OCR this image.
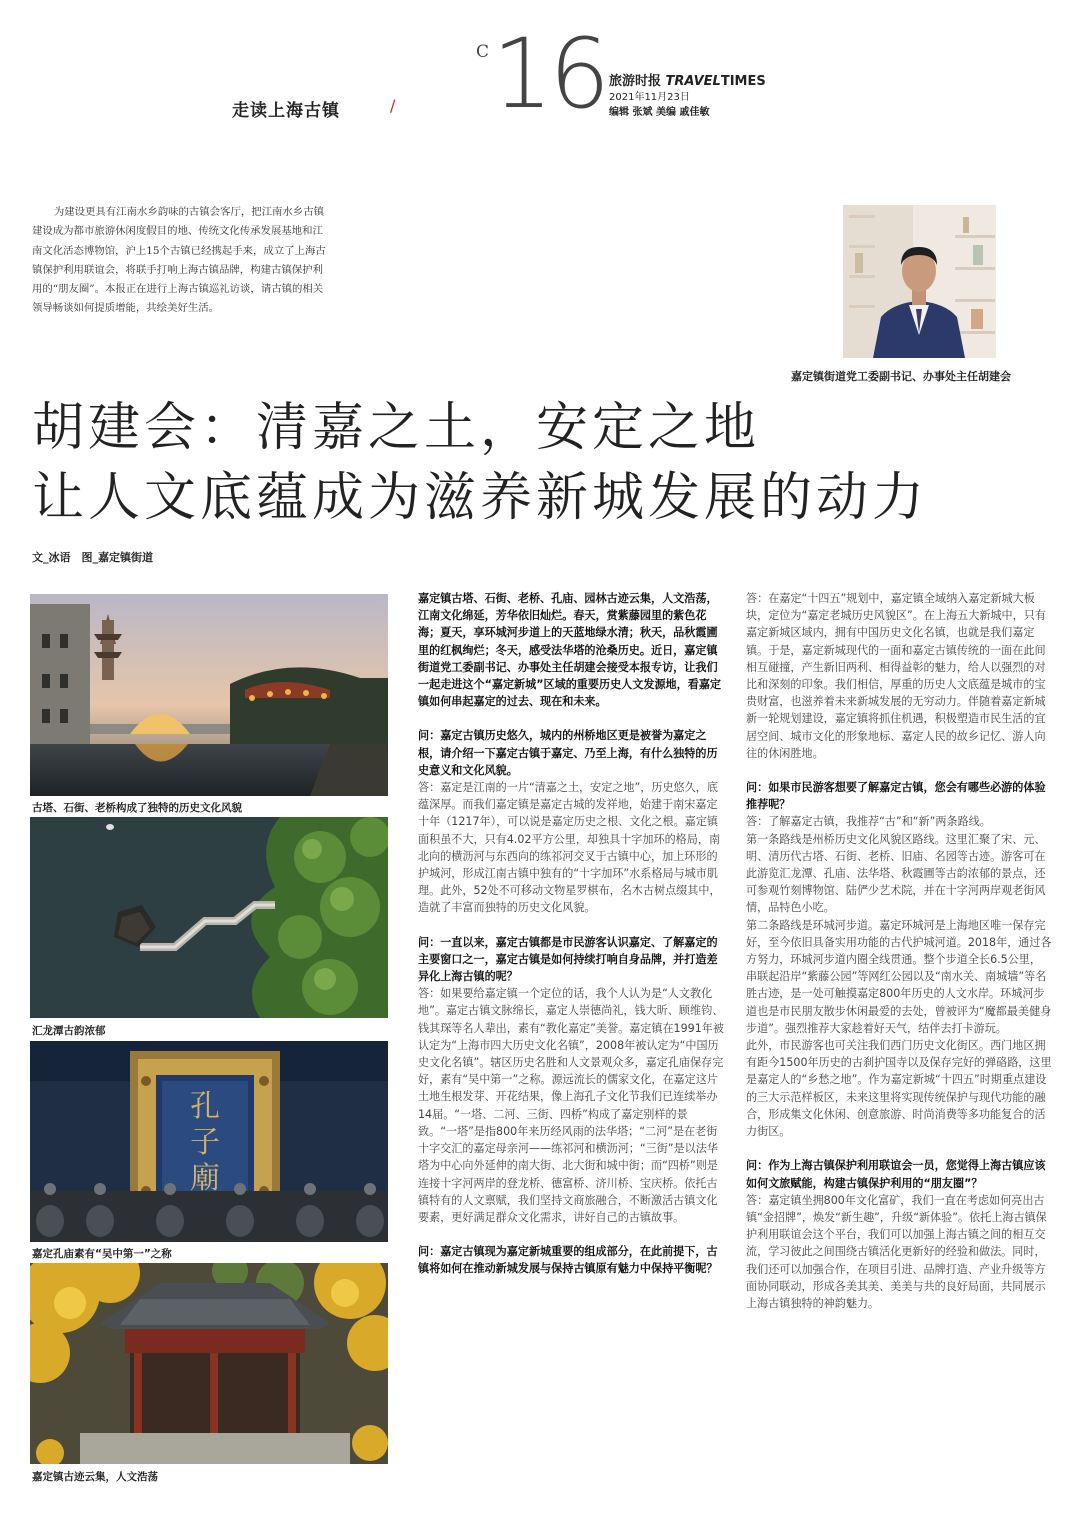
走读上海古镇	/
C 16 旅游时报 TRAVELTIMES
2021年11月23日
编辑 张斌 美编 戚佳敏

为建设更具有江南水乡韵味的古镇会客厅，把江南水乡古镇建设成为都市旅游休闲度假目的地、传统文化传承发展基地和江南文化活态博物馆，沪上15个古镇已经携起手来，成立了上海古镇保护利用联谊会，将联手打响上海古镇品牌，构建古镇保护利用的“朋友圈”。本报正在进行上海古镇巡礼访谈，请古镇的相关领导畅谈如何提质增能，共绘美好生活。

嘉定镇街道党工委副书记、办事处主任胡建会
胡建会：清嘉之土，安定之地
让人文底蕴成为滋养新城发展的动力
文_冰语　图_嘉定镇街道
古塔、石街、老桥构成了独特的历史文化风貌
汇龙潭古韵浓郁
孔子廟
嘉定孔庙素有“吴中第一”之称
嘉定镇古迹云集，人文浩荡

嘉定镇古塔、石街、老桥、孔庙、园林古迹云集，人文浩荡，江南文化绵延，芳华依旧灿烂。春天，赏紫藤园里的紫色花海；夏天，享环城河步道上的天蓝地绿水清；秋天，品秋霞圃里的红枫绚烂；冬天，感受法华塔的沧桑历史。近日，嘉定镇街道党工委副书记、办事处主任胡建会接受本报专访，让我们一起走进这个“嘉定新城”区域的重要历史人文发源地，看嘉定镇如何串起嘉定的过去、现在和未来。

问：嘉定古镇历史悠久，城内的州桥地区更是被誉为嘉定之根，请介绍一下嘉定古镇于嘉定、乃至上海，有什么独特的历史意义和文化风貌。

答：嘉定是江南的一片“清嘉之土，安定之地”，历史悠久，底蕴深厚。而我们嘉定镇是嘉定古城的发祥地，始建于南宋嘉定十年（1217年），可以说是嘉定历史之根、文化之根。嘉定镇面积虽不大，只有4.02平方公里，却独具十字加环的格局，南北向的横沥河与东西向的练祁河交叉于古镇中心，加上环形的护城河，形成江南古镇中独有的“十字加环”水系格局与城市肌理。此外，52处不可移动文物星罗棋布，名木古树点缀其中，造就了丰富而独特的历史文化风貌。

问：一直以来，嘉定古镇都是市民游客认识嘉定、了解嘉定的主要窗口之一，嘉定古镇是如何持续打响自身品牌，并打造差异化上海古镇的呢？

答：如果要给嘉定镇一个定位的话，我个人认为是“人文教化地”。嘉定古镇文脉绵长，嘉定人崇德尚礼，钱大昕、顾维钧、钱其琛等名人辈出，素有“教化嘉定”美誉。嘉定镇在1991年被认定为“上海市四大历史文化名镇”，2008年被认定为“中国历史文化名镇”。辖区历史名胜和人文景观众多，嘉定孔庙保存完好，素有“吴中第一”之称。源远流长的儒家文化，在嘉定这片土地生根发芽、开花结果，像上海孔子文化节我们已连续举办14届。“一塔、二河、三街、四桥”构成了嘉定别样的景致。“一塔”是指800年来历经风雨的法华塔；“二河”是在老街十字交汇的嘉定母亲河——练祁河和横沥河；“三街”是以法华塔为中心向外延伸的南大街、北大街和城中街；而“四桥”则是连接十字河两岸的登龙桥、德富桥、济川桥、宝庆桥。依托古镇特有的人文禀赋，我们坚持文商旅融合，不断激活古镇文化要素，更好满足群众文化需求，讲好自己的古镇故事。

问：嘉定古镇现为嘉定新城重要的组成部分，在此前提下，古镇将如何在推动新城发展与保持古镇原有魅力中保持平衡呢？

答：在嘉定“十四五”规划中，嘉定镇全域纳入嘉定新城大板块，定位为“嘉定老城历史风貌区”。在上海五大新城中，只有嘉定新城区域内，拥有中国历史文化名镇，也就是我们嘉定镇。于是，嘉定新城现代的一面和嘉定古镇传统的一面在此间相互碰撞，产生新旧两利、相得益彰的魅力，给人以强烈的对比和深刻的印象。我们相信，厚重的历史人文底蕴是城市的宝贵财富，也滋养着未来新城发展的无穷动力。伴随着嘉定新城新一轮规划建设，嘉定镇将抓住机遇，积极塑造市民生活的宜居空间、城市文化的形象地标、嘉定人民的故乡记忆、游人向往的休闲胜地。

问：如果市民游客想要了解嘉定古镇，您会有哪些必游的体验推荐呢？

答：了解嘉定古镇，我推荐“古”和“新”两条路线。

第一条路线是州桥历史文化风貌区路线。这里汇聚了宋、元、明、清历代古塔、石街、老桥、旧庙、名园等古迹。游客可在此游览汇龙潭、孔庙、法华塔、秋霞圃等古韵浓郁的景点，还可参观竹刻博物馆、陆俨少艺术院，并在十字河两岸观老街风情，品特色小吃。

第二条路线是环城河步道。嘉定环城河是上海地区唯一保存完好，至今依旧具备实用功能的古代护城河道。2018年，通过各方努力，环城河步道内圈全线贯通。整个步道全长6.5公里，串联起沿岸“紫藤公园”等网红公园以及“南水关、南城墙”等名胜古迹，是一处可触摸嘉定800年历史的人文水岸。环城河步道也是市民朋友散步休闲最爱的去处，曾被评为“魔都最美健身步道”。强烈推荐大家趁着好天气，结伴去打卡游玩。

此外，市民游客也可关注我们西门历史文化街区。西门地区拥有距今1500年历史的古刹护国寺以及保存完好的弹硌路，这里是嘉定人的“乡愁之地”。作为嘉定新城“十四五”时期重点建设的三大示范样板区，未来这里将实现传统保护与现代功能的融合，形成集文化休闲、创意旅游、时尚消费等多功能复合的活力街区。

问：作为上海古镇保护利用联谊会一员，您觉得上海古镇应该如何文旅赋能，构建古镇保护利用的“朋友圈”？

答：嘉定镇坐拥800年文化富矿，我们一直在考虑如何亮出古镇“金招牌”，焕发“新生趣”，升级“新体验”。依托上海古镇保护利用联谊会这个平台，我们可以加强上海古镇之间的相互交流，学习彼此之间围绕古镇活化更新好的经验和做法。同时，我们还可以加强合作，在项目引进、品牌打造、产业升级等方面协同联动，形成各美其美、美美与共的良好局面，共同展示上海古镇独特的神韵魅力。
